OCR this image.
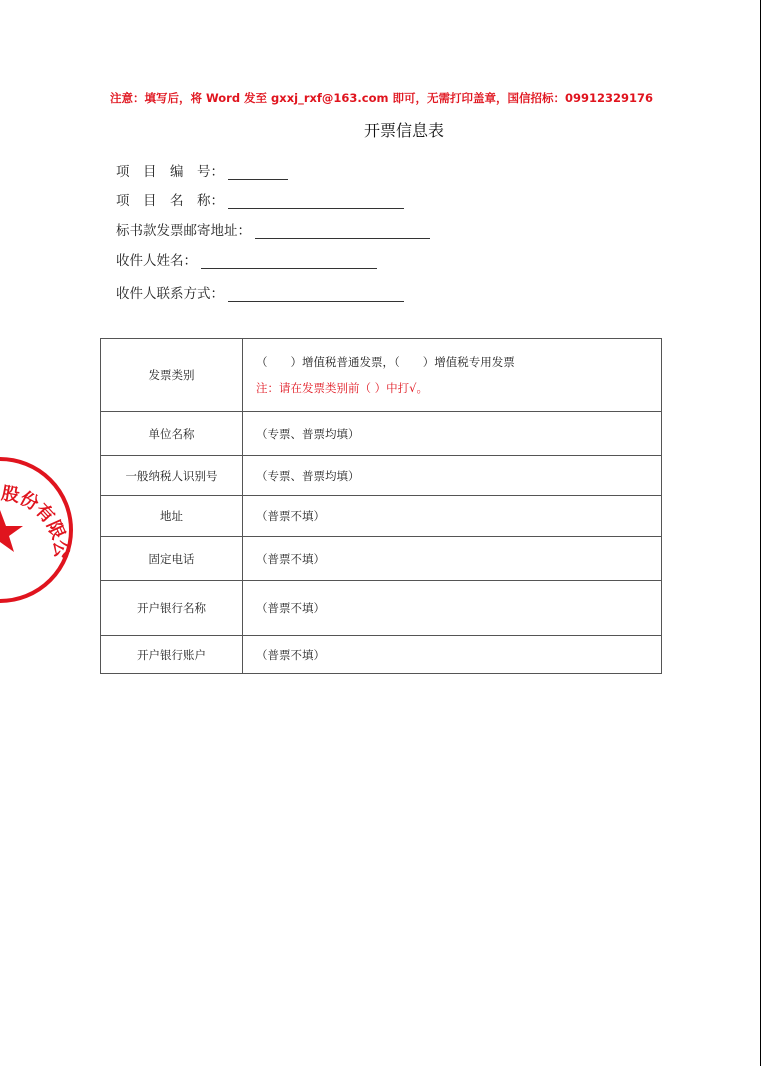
注意：填写后，将 Word 发至 gxxj_rxf@163.com 即可，无需打印盖章，国信招标：09912329176
开票信息表
项　目　编　号：
项　目　名　称：
标书款发票邮寄地址：
收件人姓名：
收件人联系方式：
发票类别	（　　）增值税普通发票，（　　）增值税专用发票
注：请在发票类别前（ ）中打√。

单位名称	（专票、普票均填）
一般纳税人识别号	（专票、普票均填）
地址	（普票不填）
固定电话	（普票不填）
开户银行名称	（普票不填）
开户银行账户	（普票不填）
股份有限公
